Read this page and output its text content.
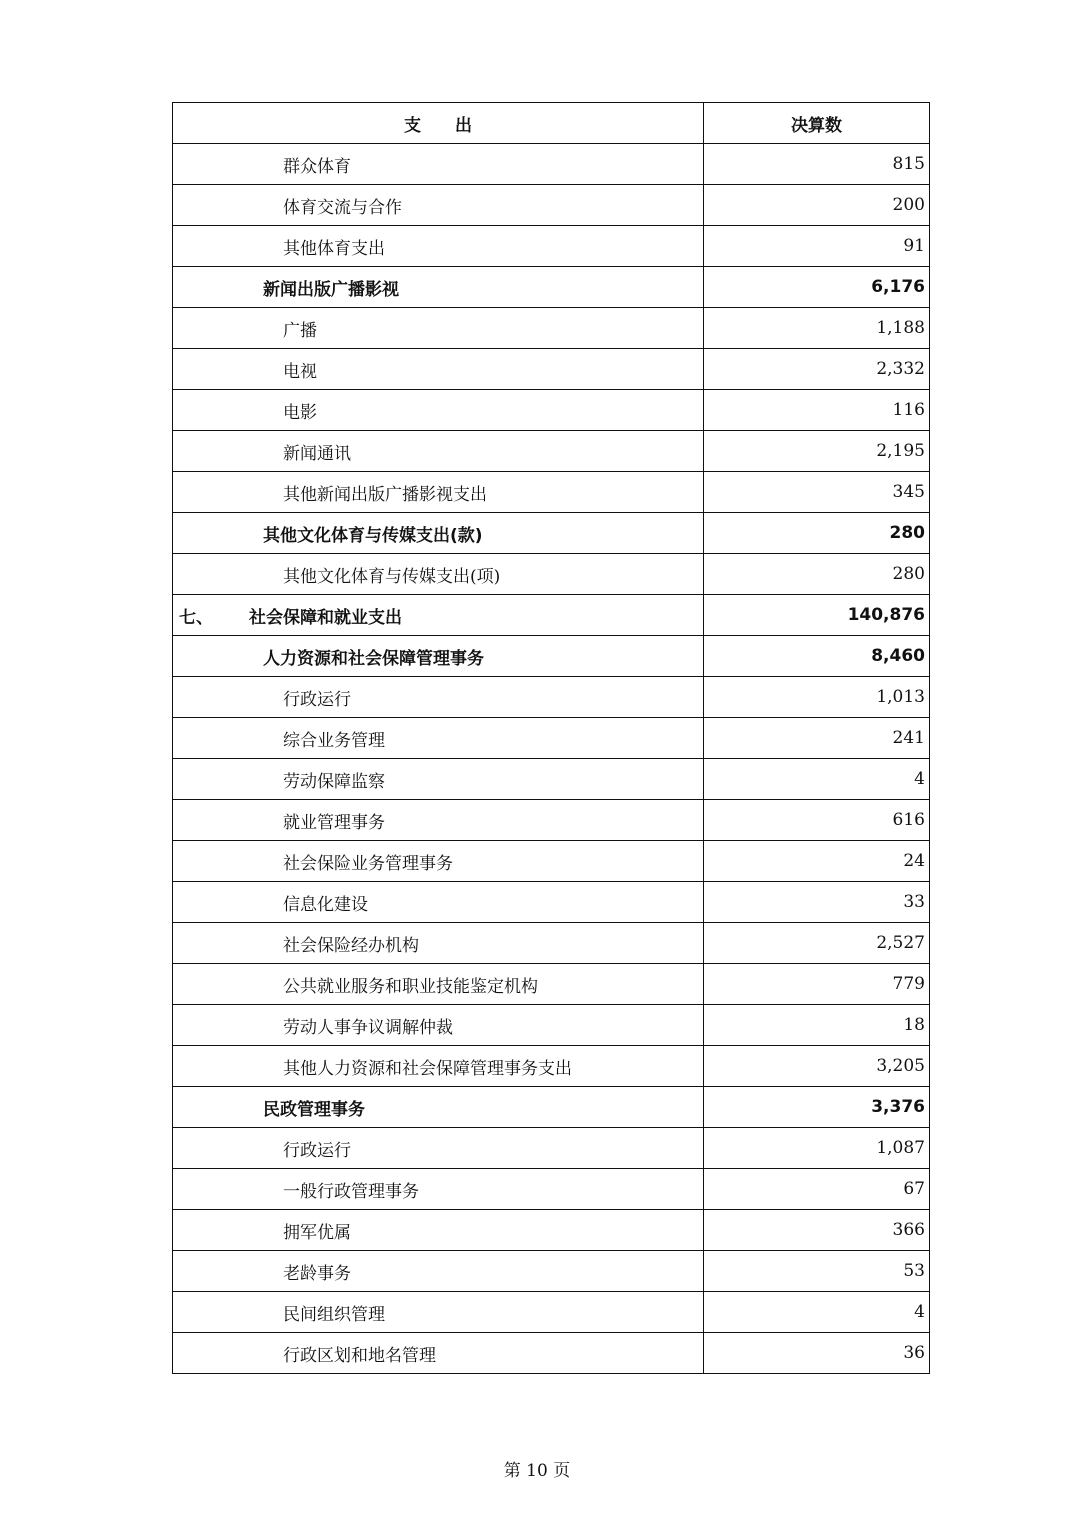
支　　出	决算数
群众体育	815
体育交流与合作	200
其他体育支出	91
新闻出版广播影视	6,176
广播	1,188
电视	2,332
电影	116
新闻通讯	2,195
其他新闻出版广播影视支出	345
其他文化体育与传媒支出(款)	280
其他文化体育与传媒支出(项)	280
七、 社会保障和就业支出	140,876
人力资源和社会保障管理事务	8,460
行政运行	1,013
综合业务管理	241
劳动保障监察	4
就业管理事务	616
社会保险业务管理事务	24
信息化建设	33
社会保险经办机构	2,527
公共就业服务和职业技能鉴定机构	779
劳动人事争议调解仲裁	18
其他人力资源和社会保障管理事务支出	3,205
民政管理事务	3,376
行政运行	1,087
一般行政管理事务	67
拥军优属	366
老龄事务	53
民间组织管理	4
行政区划和地名管理	36
第 10 页
